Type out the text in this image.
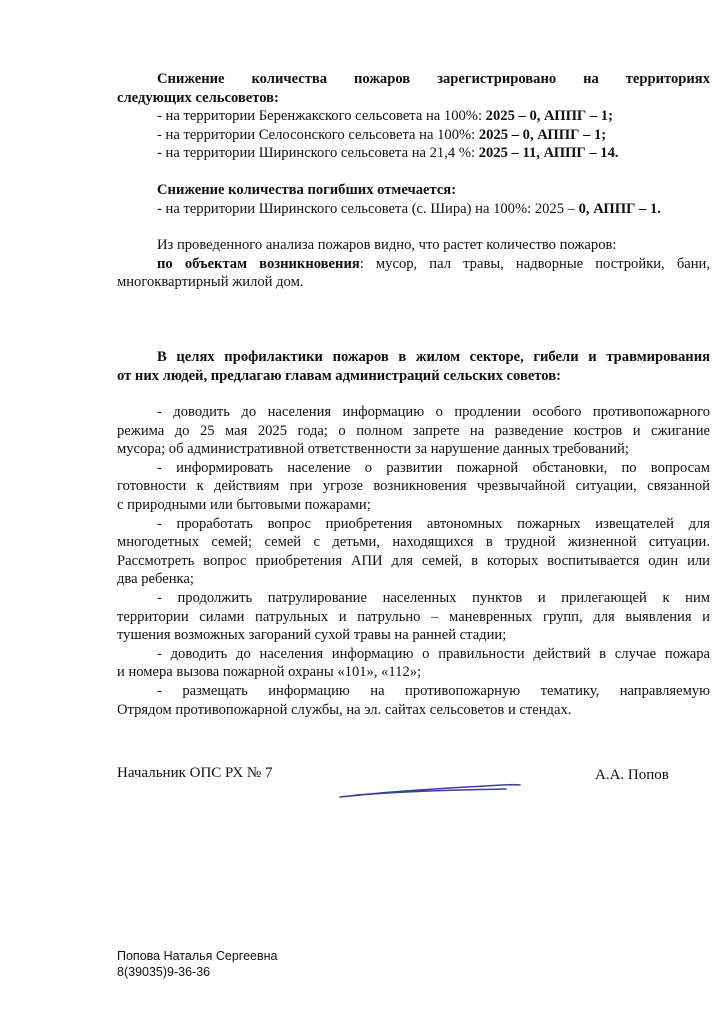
Снижение количества пожаров зарегистрировано на территориях
следующих сельсоветов:
- на территории Беренжакского сельсовета на 100%: 2025 – 0, АППГ – 1;
- на территории Селосонского сельсовета на 100%: 2025 – 0, АППГ – 1;
- на территории Ширинского сельсовета на 21,4 %: 2025 – 11, АППГ – 14.
Снижение количества погибших отмечается:
- на территории Ширинского сельсовета (с. Шира) на 100%: 2025 – 0, АППГ – 1.
Из проведенного анализа пожаров видно, что растет количество пожаров:
по объектам возникновения: мусор, пал травы, надворные постройки, бани,
многоквартирный жилой дом.
В целях профилактики пожаров в жилом секторе, гибели и травмирования
от них людей, предлагаю главам администраций сельских советов:
- доводить до населения информацию о продлении особого противопожарного
режима до 25 мая 2025 года; о полном запрете на разведение костров и сжигание
мусора; об административной ответственности за нарушение данных требований;
- информировать население о развитии пожарной обстановки, по вопросам
готовности к действиям при угрозе возникновения чрезвычайной ситуации, связанной
с природными или бытовыми пожарами;
- проработать вопрос приобретения автономных пожарных извещателей для
многодетных семей; семей с детьми, находящихся в трудной жизненной ситуации.
Рассмотреть вопрос приобретения АПИ для семей, в которых воспитывается один или
два ребенка;
- продолжить патрулирование населенных пунктов и прилегающей к ним
территории силами патрульных и патрульно – маневренных групп, для выявления и
тушения возможных загораний сухой травы на ранней стадии;
- доводить до населения информацию о правильности действий в случае пожара
и номера вызова пожарной охраны «101», «112»;
- размещать информацию на противопожарную тематику, направляемую
Отрядом противопожарной службы, на эл. сайтах сельсоветов и стендах.
Начальник ОПС РХ № 7	А.А. Попов
Попова Наталья Сергеевна
8(39035)9-36-36
